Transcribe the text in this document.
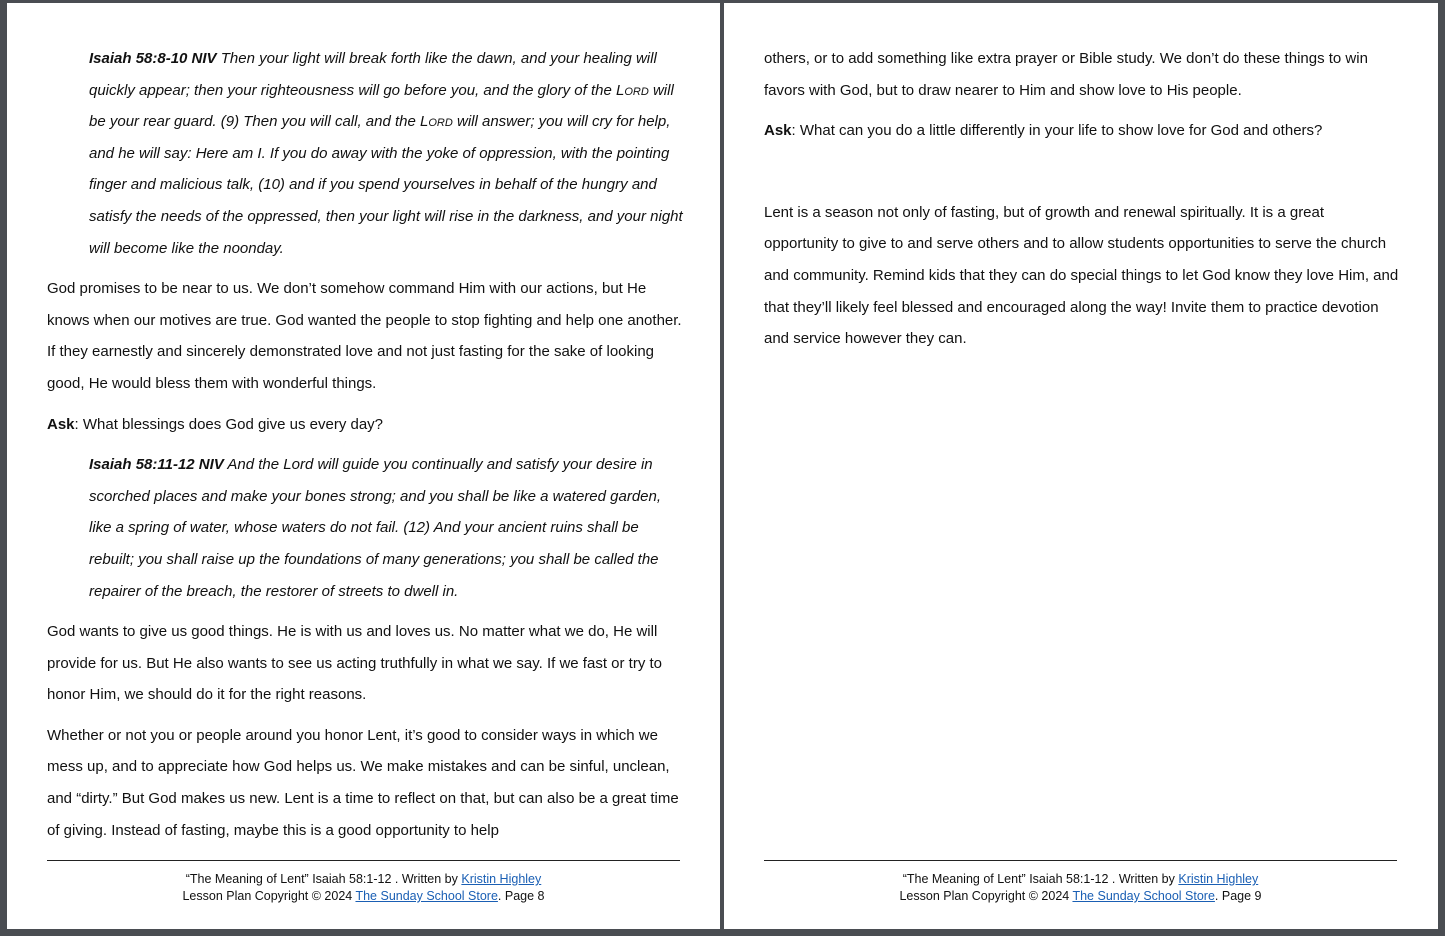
Isaiah 58:8-10 NIV Then your light will break forth like the dawn, and your healing will quickly appear; then your righteousness will go before you, and the glory of the Lord will be your rear guard. (9) Then you will call, and the Lord will answer; you will cry for help, and he will say: Here am I. If you do away with the yoke of oppression, with the pointing finger and malicious talk, (10) and if you spend yourselves in behalf of the hungry and satisfy the needs of the oppressed, then your light will rise in the darkness, and your night will become like the noonday.

God promises to be near to us. We don’t somehow command Him with our actions, but He knows when our motives are true. God wanted the people to stop fighting and help one another. If they earnestly and sincerely demonstrated love and not just fasting for the sake of looking good, He would bless them with wonderful things.

Ask: What blessings does God give us every day?

Isaiah 58:11-12 NIV And the Lord will guide you continually and satisfy your desire in scorched places and make your bones strong; and you shall be like a watered garden, like a spring of water, whose waters do not fail. (12) And your ancient ruins shall be rebuilt; you shall raise up the foundations of many generations; you shall be called the repairer of the breach, the restorer of streets to dwell in.

God wants to give us good things. He is with us and loves us. No matter what we do, He will provide for us. But He also wants to see us acting truthfully in what we say. If we fast or try to honor Him, we should do it for the right reasons.

Whether or not you or people around you honor Lent, it’s good to consider ways in which we mess up, and to appreciate how God helps us. We make mistakes and can be sinful, unclean, and “dirty.” But God makes us new. Lent is a time to reflect on that, but can also be a great time of giving. Instead of fasting, maybe this is a good opportunity to help

“The Meaning of Lent” Isaiah 58:1-12 . Written by Kristin Highley
Lesson Plan Copyright © 2024 The Sunday School Store. Page 8

others, or to add something like extra prayer or Bible study. We don’t do these things to win favors with God, but to draw nearer to Him and show love to His people.

Ask: What can you do a little differently in your life to show love for God and others?

Lent is a season not only of fasting, but of growth and renewal spiritually. It is a great opportunity to give to and serve others and to allow students opportunities to serve the church and community. Remind kids that they can do special things to let God know they love Him, and that they’ll likely feel blessed and encouraged along the way! Invite them to practice devotion and service however they can.

“The Meaning of Lent” Isaiah 58:1-12 . Written by Kristin Highley
Lesson Plan Copyright © 2024 The Sunday School Store. Page 9
